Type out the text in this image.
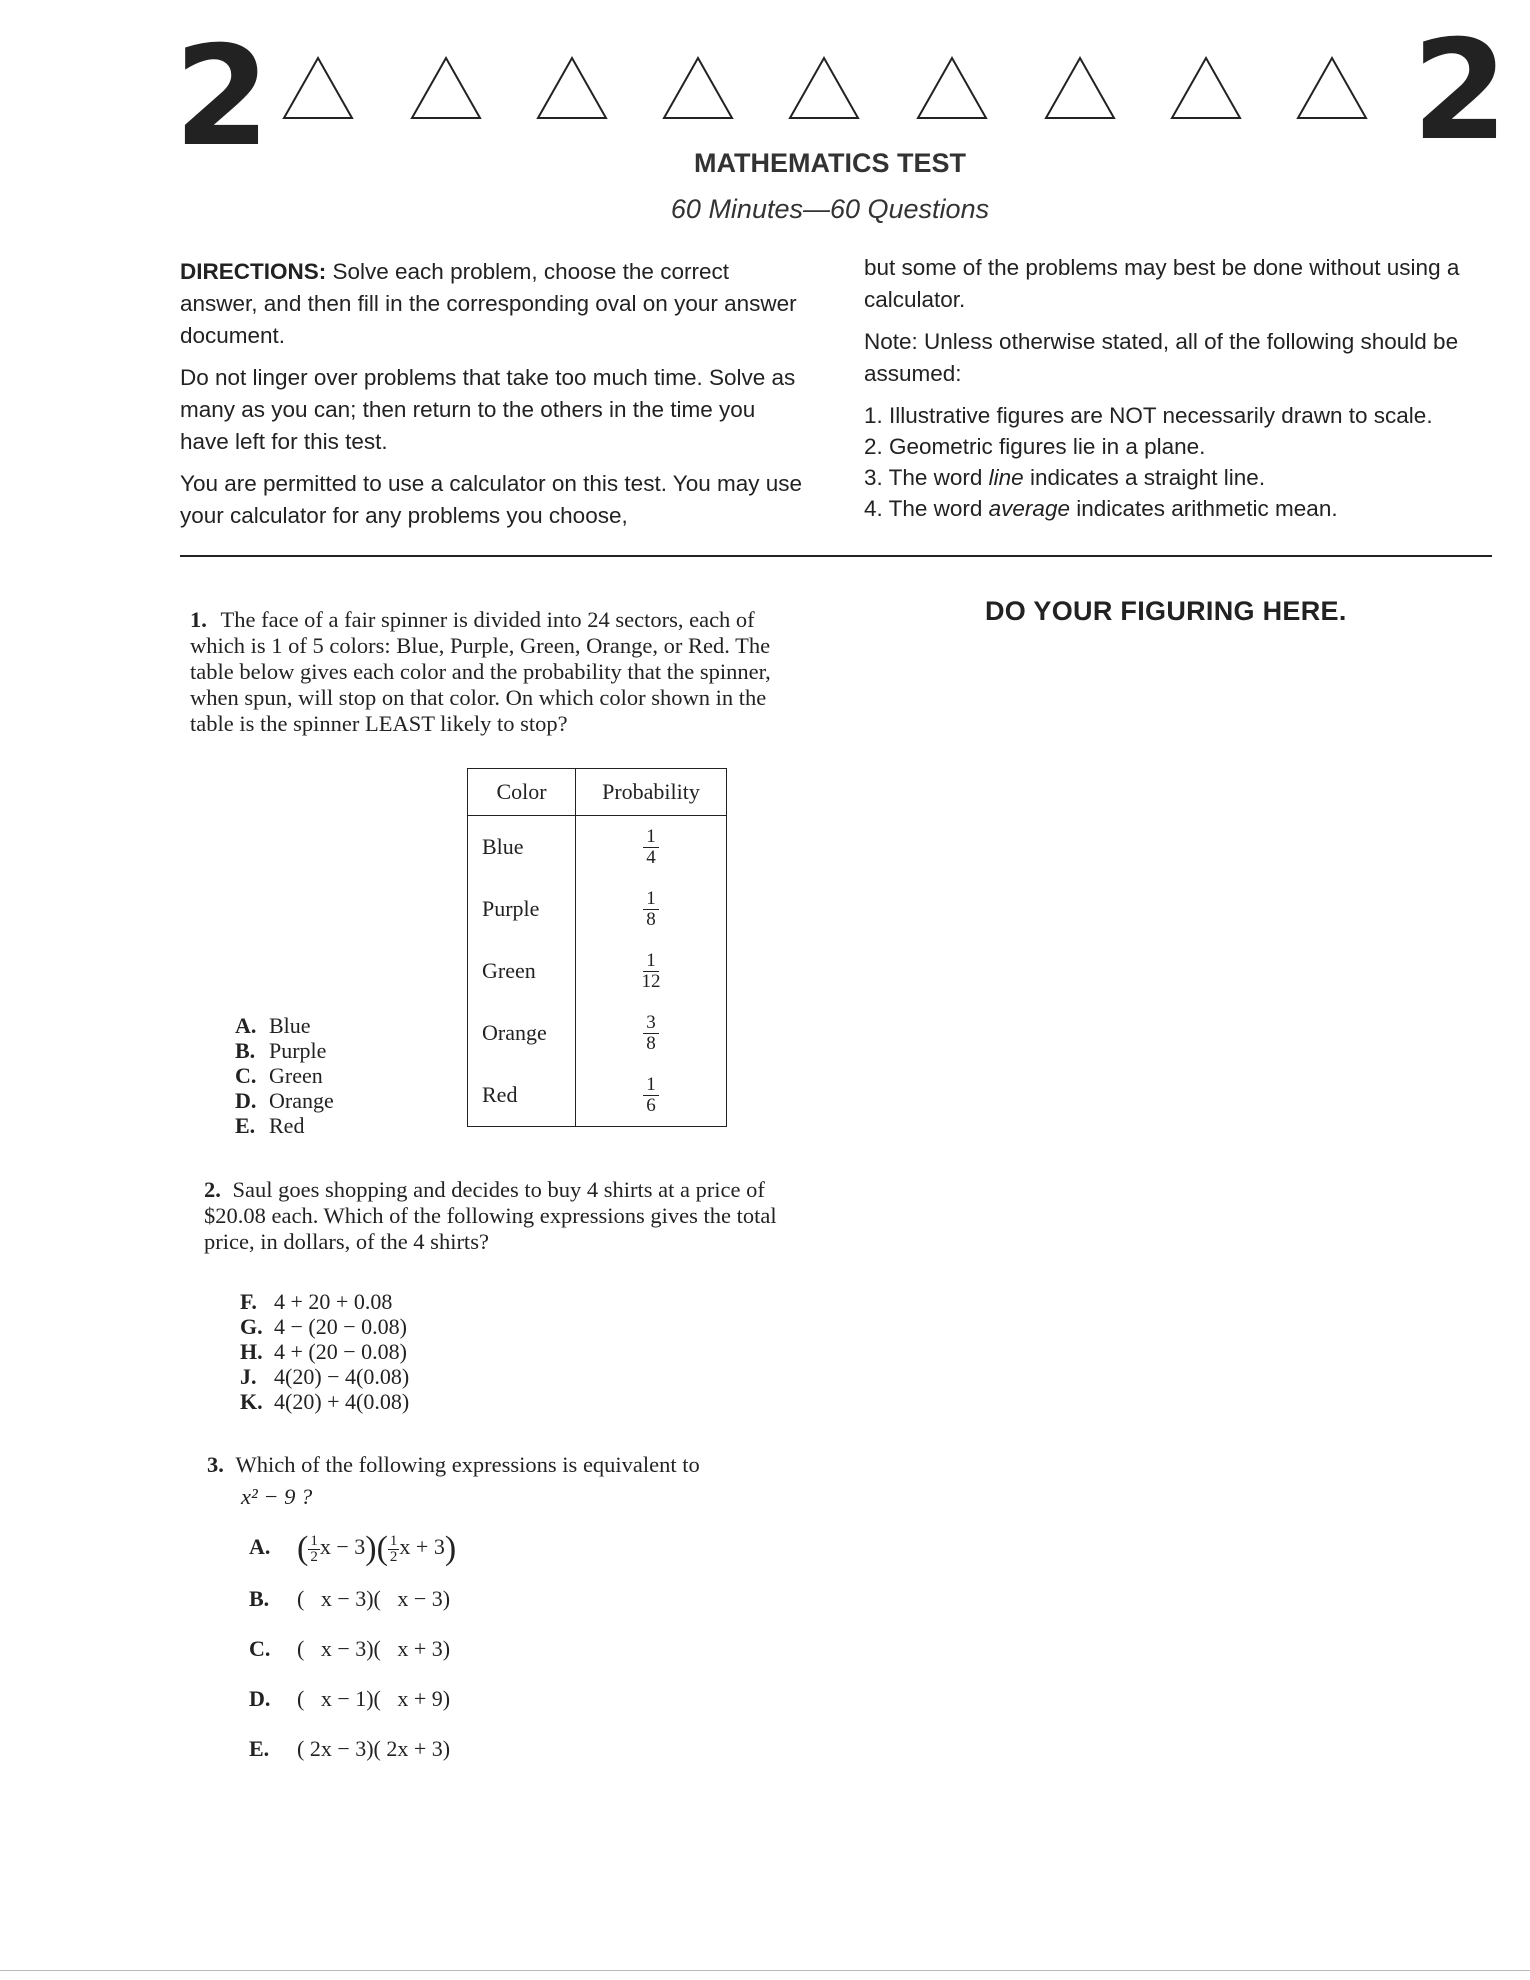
2	2
MATHEMATICS TEST
60 Minutes—60 Questions

DIRECTIONS: Solve each problem, choose the correct answer, and then fill in the corresponding oval on your answer document.

Do not linger over problems that take too much time. Solve as many as you can; then return to the others in the time you have left for this test.

You are permitted to use a calculator on this test. You may use your calculator for any problems you choose,

but some of the problems may best be done without using a calculator.

Note: Unless otherwise stated, all of the following should be assumed:

1. Illustrative figures are NOT necessarily drawn to scale.
2. Geometric figures lie in a plane.
3. The word line indicates a straight line.
4. The word average indicates arithmetic mean.
DO YOUR FIGURING HERE.
1. The face of a fair spinner is divided into 24 sectors, each of which is 1 of 5 colors: Blue, Purple, Green, Orange, or Red. The table below gives each color and the probability that the spinner, when spun, will stop on that color. On which color shown in the table is the spinner LEAST likely to stop?
Color	Probability
Blue	$\frac{1}{4}$

Purple	$\frac{1}{8}$

Green	$\frac{1}{12}$

Orange	$\frac{3}{8}$

Red	$\frac{1}{6}$
A. Blue
B. Purple
C. Green
D. Orange
E. Red
2. Saul goes shopping and decides to buy 4 shirts at a price of $20.08 each. Which of the following expressions gives the total price, in dollars, of the 4 shirts?
F. 4 + 20 + 0.08
G. 4 − (20 − 0.08)
H. 4 + (20 − 0.08)
J. 4(20) − 4(0.08)
K. 4(20) + 4(0.08)
3. Which of the following expressions is equivalent to
x² − 9 ?
A. ( $\frac{1}{2}$ $x - 3)( \frac{1}{2}$ x + 3)
B. (   x − 3)(   x − 3)
C. (   x − 3)(   x + 3)
D. (   x − 1)(   x + 9)
E. ( 2x − 3)( 2x + 3)
